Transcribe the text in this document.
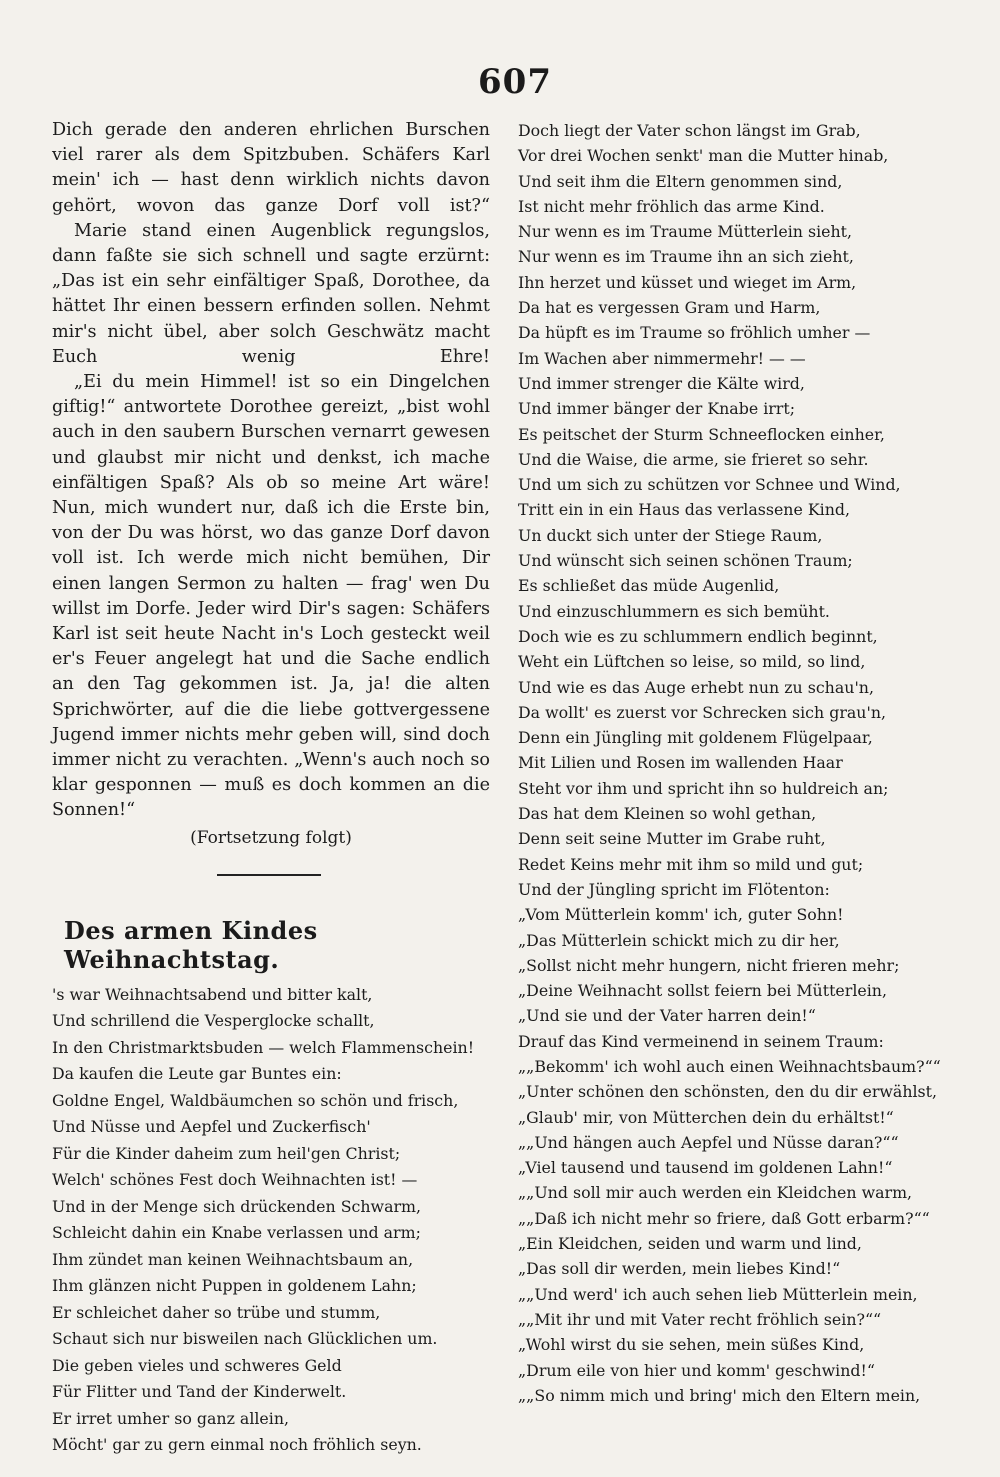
607

Dich gerade den anderen ehrlichen Burschen viel rarer als dem Spitzbuben. Schäfers Karl mein' ich — hast denn wirklich nichts davon gehört, wovon das ganze Dorf voll ist?“

Marie stand einen Augenblick regungslos, dann faßte sie sich schnell und sagte erzürnt: „Das ist ein sehr einfältiger Spaß, Dorothee, da hättet Ihr einen bessern erfinden sollen. Nehmt mir's nicht übel, aber solch Geschwätz macht Euch wenig Ehre!

„Ei du mein Himmel! ist so ein Dingelchen giftig!“ antwortete Dorothee gereizt, „bist wohl auch in den saubern Burschen vernarrt gewesen und glaubst mir nicht und denkst, ich mache einfältigen Spaß? Als ob so meine Art wäre! Nun, mich wundert nur, daß ich die Erste bin, von der Du was hörst, wo das ganze Dorf davon voll ist. Ich werde mich nicht bemühen, Dir einen langen Sermon zu halten — frag' wen Du willst im Dorfe. Jeder wird Dir's sagen: Schäfers Karl ist seit heute Nacht in's Loch gesteckt weil er's Feuer angelegt hat und die Sache endlich an den Tag gekommen ist. Ja, ja! die alten Sprichwörter, auf die die liebe gottvergessene Jugend immer nichts mehr geben will, sind doch immer nicht zu verachten. „Wenn's auch noch so klar gesponnen — muß es doch kommen an die Sonnen!“

(Fortsetzung folgt)
Des armen Kindes Weihnachtstag.
's war Weihnachtsabend und bitter kalt,
Und schrillend die Vesperglocke schallt,
In den Christmarktsbuden — welch Flammenschein!
Da kaufen die Leute gar Buntes ein:
Goldne Engel, Waldbäumchen so schön und frisch,
Und Nüsse und Aepfel und Zuckerfisch'
Für die Kinder daheim zum heil'gen Christ;
Welch' schönes Fest doch Weihnachten ist! —
Und in der Menge sich drückenden Schwarm,
Schleicht dahin ein Knabe verlassen und arm;
Ihm zündet man keinen Weihnachtsbaum an,
Ihm glänzen nicht Puppen in goldenem Lahn;
Er schleichet daher so trübe und stumm,
Schaut sich nur bisweilen nach Glücklichen um.
Die geben vieles und schweres Geld
Für Flitter und Tand der Kinderwelt.
Er irret umher so ganz allein,
Möcht' gar zu gern einmal noch fröhlich seyn.
Doch liegt der Vater schon längst im Grab,
Vor drei Wochen senkt' man die Mutter hinab,
Und seit ihm die Eltern genommen sind,
Ist nicht mehr fröhlich das arme Kind.
Nur wenn es im Traume Mütterlein sieht,
Nur wenn es im Traume ihn an sich zieht,
Ihn herzet und küsset und wieget im Arm,
Da hat es vergessen Gram und Harm,
Da hüpft es im Traume so fröhlich umher —
Im Wachen aber nimmermehr! — —
Und immer strenger die Kälte wird,
Und immer bänger der Knabe irrt;
Es peitschet der Sturm Schneeflocken einher,
Und die Waise, die arme, sie frieret so sehr.
Und um sich zu schützen vor Schnee und Wind,
Tritt ein in ein Haus das verlassene Kind,
Un duckt sich unter der Stiege Raum,
Und wünscht sich seinen schönen Traum;
Es schließet das müde Augenlid,
Und einzuschlummern es sich bemüht.
Doch wie es zu schlummern endlich beginnt,
Weht ein Lüftchen so leise, so mild, so lind,
Und wie es das Auge erhebt nun zu schau'n,
Da wollt' es zuerst vor Schrecken sich grau'n,
Denn ein Jüngling mit goldenem Flügelpaar,
Mit Lilien und Rosen im wallenden Haar
Steht vor ihm und spricht ihn so huldreich an;
Das hat dem Kleinen so wohl gethan,
Denn seit seine Mutter im Grabe ruht,
Redet Keins mehr mit ihm so mild und gut;
Und der Jüngling spricht im Flötenton:
„Vom Mütterlein komm' ich, guter Sohn!
„Das Mütterlein schickt mich zu dir her,
„Sollst nicht mehr hungern, nicht frieren mehr;
„Deine Weihnacht sollst feiern bei Mütterlein,
„Und sie und der Vater harren dein!“
Drauf das Kind vermeinend in seinem Traum:
„„Bekomm' ich wohl auch einen Weihnachtsbaum?““
„Unter schönen den schönsten, den du dir erwählst,
„Glaub' mir, von Mütterchen dein du erhältst!“
„„Und hängen auch Aepfel und Nüsse daran?““
„Viel tausend und tausend im goldenen Lahn!“
„„Und soll mir auch werden ein Kleidchen warm,
„„Daß ich nicht mehr so friere, daß Gott erbarm?““
„Ein Kleidchen, seiden und warm und lind,
„Das soll dir werden, mein liebes Kind!“
„„Und werd' ich auch sehen lieb Mütterlein mein,
„„Mit ihr und mit Vater recht fröhlich sein?““
„Wohl wirst du sie sehen, mein süßes Kind,
„Drum eile von hier und komm' geschwind!“
„„So nimm mich und bring' mich den Eltern mein,
